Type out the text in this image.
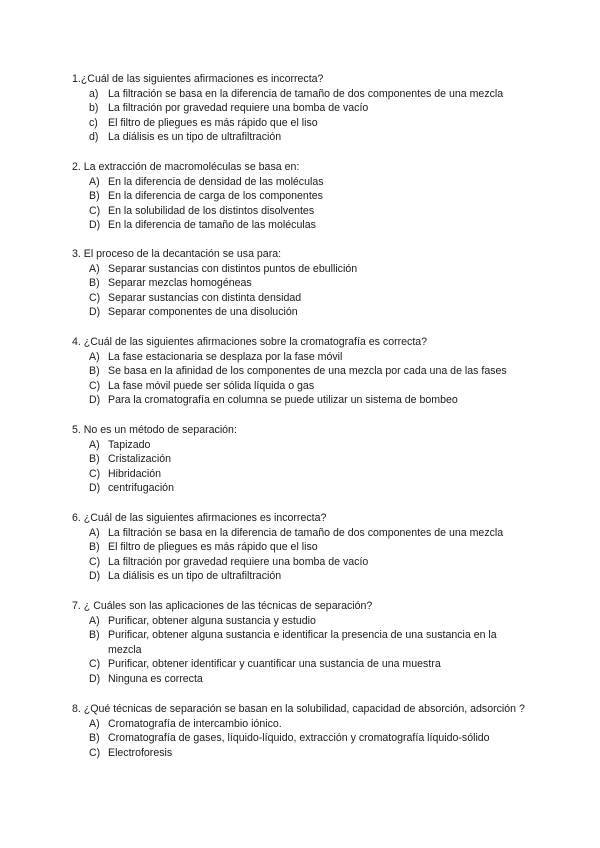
1.¿Cuál de las siguientes afirmaciones es incorrecta?
a) La filtración se basa en la diferencia de tamaño de dos componentes de una mezcla
b) La filtración por gravedad requiere una bomba de vacío
c) El filtro de pliegues es más rápido que el liso
d) La diálisis es un tipo de ultrafiltración
2. La extracción de macromoléculas se basa en:
A) En la diferencia de densidad de las moléculas
B) En la diferencia de carga de los componentes
C) En la solubilidad de los distintos disolventes
D) En la diferencia de tamaño de las moléculas
3. El proceso de la decantación se usa para:
A) Separar sustancias con distintos puntos de ebullición
B) Separar mezclas homogéneas
C) Separar sustancias con distinta densidad
D) Separar componentes de una disolución
4. ¿Cuál de las siguientes afirmaciones sobre la cromatografía es correcta?
A) La fase estacionaria se desplaza por la fase móvil
B) Se basa en la afinidad de los componentes de una mezcla por cada una de las fases
C) La fase móvil puede ser sólida líquida o gas
D) Para la cromatografía en columna se puede utilizar un sistema de bombeo
5. No es un método de separación:
A) Tapizado
B) Cristalización
C) Hibridación
D) centrifugación
6. ¿Cuál de las siguientes afirmaciones es incorrecta?
A) La filtración se basa en la diferencia de tamaño de dos componentes de una mezcla
B) El filtro de pliegues es más rápido que el liso
C) La filtración por gravedad requiere una bomba de vacío
D) La diálisis es un tipo de ultrafiltración
7. ¿ Cuáles son las aplicaciones de las técnicas de separación?
A) Purificar, obtener alguna sustancia y estudio
B) Purificar, obtener alguna sustancia e identificar la presencia de una sustancia en la mezcla
C) Purificar, obtener identificar y cuantificar una sustancia de una muestra
D) Ninguna es correcta
8. ¿Qué técnicas de separación se basan en la solubilidad, capacidad de absorción, adsorción ?
A) Cromatografía de intercambio iónico.
B) Cromatografía de gases, líquido-líquido, extracción y cromatografía líquido-sólido
C) Electroforesis
